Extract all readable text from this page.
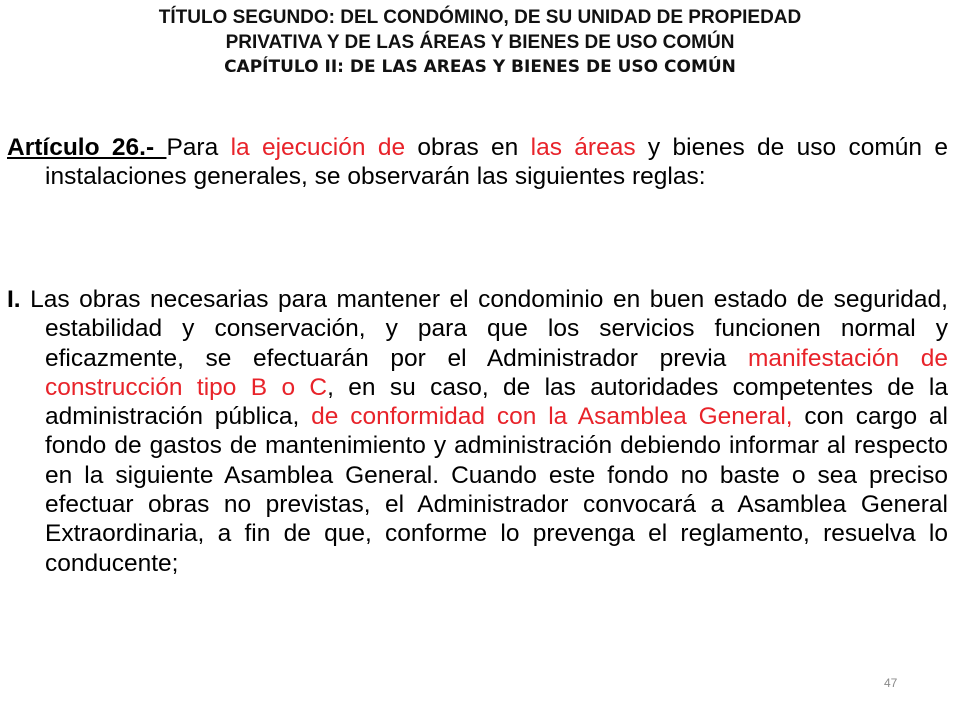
TÍTULO SEGUNDO: DEL CONDÓMINO, DE SU UNIDAD DE PROPIEDAD
PRIVATIVA Y DE LAS ÁREAS Y BIENES DE USO COMÚN
CAPÍTULO II: DE LAS AREAS Y BIENES DE USO COMÚN
Artículo 26.- Para la ejecución de obras en las áreas y bienes de uso común e instalaciones generales, se observarán las siguientes reglas:
I. Las obras necesarias para mantener el condominio en buen estado de seguridad, estabilidad y conservación, y para que los servicios funcionen normal y eficazmente, se efectuarán por el Administrador previa manifestación de construcción tipo B o C, en su caso, de las autoridades competentes de la administración pública, de conformidad con la Asamblea General, con cargo al fondo de gastos de mantenimiento y administración debiendo informar al respecto en la siguiente Asamblea General. Cuando este fondo no baste o sea preciso efectuar obras no previstas, el Administrador convocará a Asamblea General Extraordinaria, a fin de que, conforme lo prevenga el reglamento, resuelva lo conducente;
47
